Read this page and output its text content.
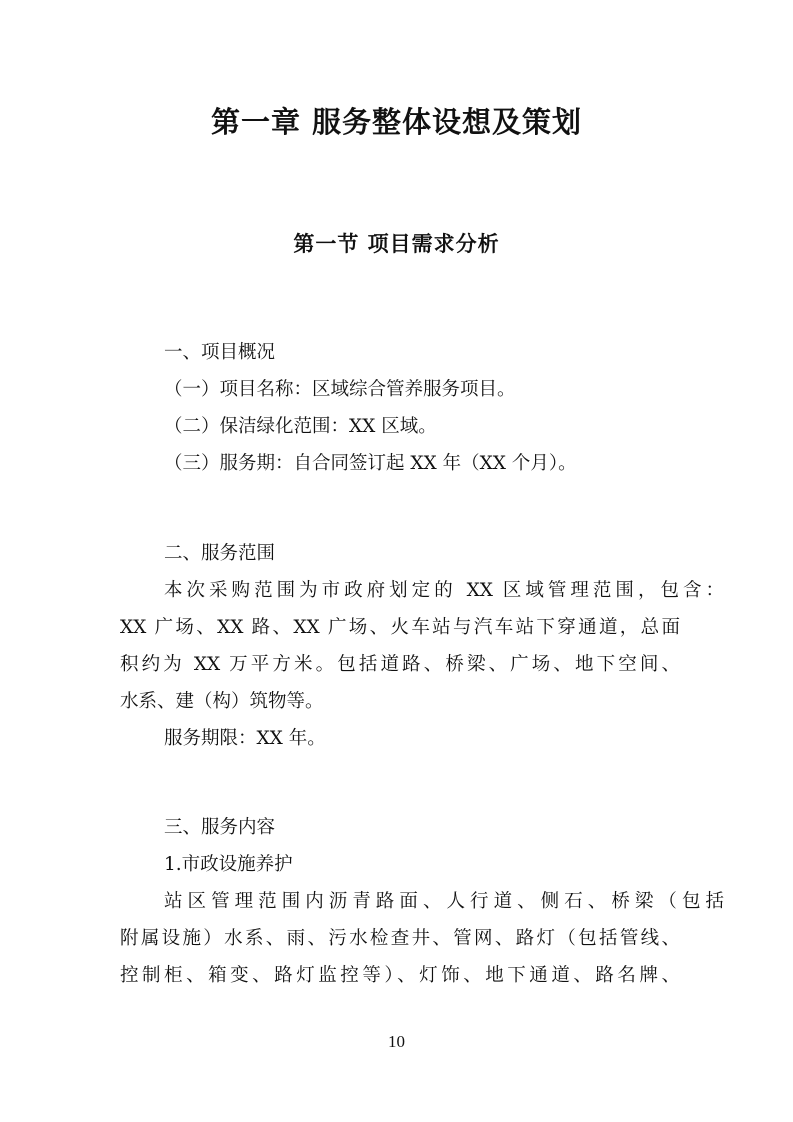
第一章 服务整体设想及策划
第一节 项目需求分析

一、项目概况

（一）项目名称：区域综合管养服务项目。

（二）保洁绿化范围：XX 区域。

（三）服务期：自合同签订起 XX 年（XX 个月）。

二、服务范围

本次采购范围为市政府划定的 XX 区域管理范围，包含：

XX 广场、XX 路、XX 广场、火车站与汽车站下穿通道，总面

积约为 XX 万平方米。包括道路、桥梁、广场、地下空间、

水系、建（构）筑物等。

服务期限：XX 年。

三、服务内容

1.市政设施养护

站区管理范围内沥青路面、人行道、侧石、桥梁（包括

附属设施）水系、雨、污水检查井、管网、路灯（包括管线、

控制柜、箱变、路灯监控等）、灯饰、地下通道、路名牌、

10
